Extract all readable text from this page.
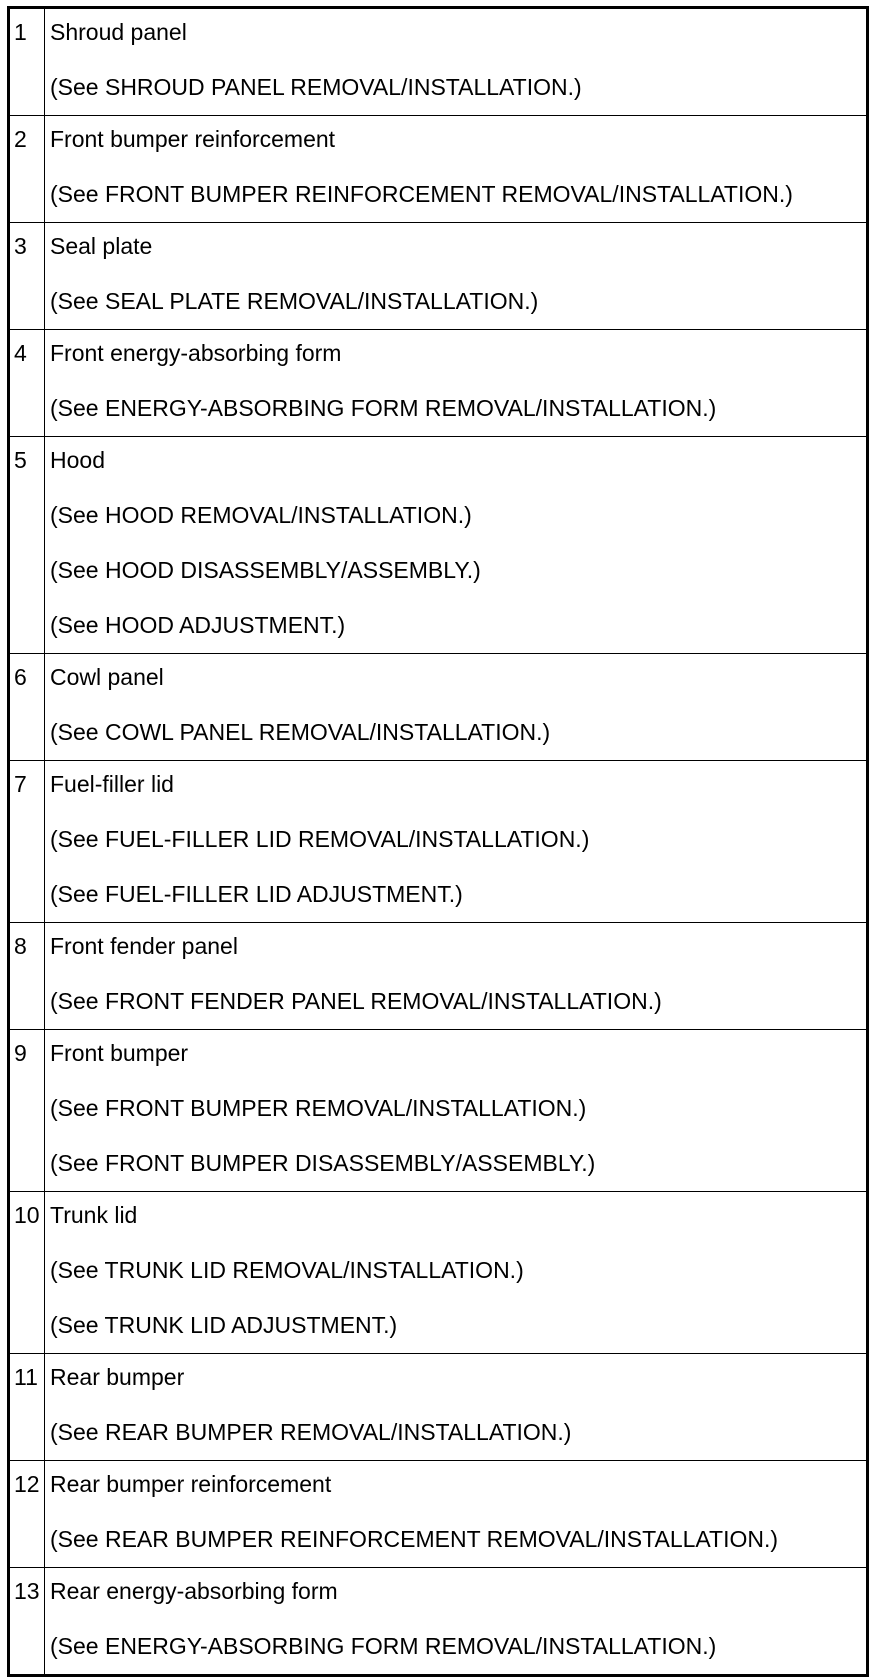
1	Shroud panel
(See SHROUD PANEL REMOVAL/INSTALLATION.)

2	Front bumper reinforcement
(See FRONT BUMPER REINFORCEMENT REMOVAL/INSTALLATION.)

3	Seal plate
(See SEAL PLATE REMOVAL/INSTALLATION.)

4	Front energy-absorbing form
(See ENERGY-ABSORBING FORM REMOVAL/INSTALLATION.)

5	Hood
(See HOOD REMOVAL/INSTALLATION.)
(See HOOD DISASSEMBLY/ASSEMBLY.)
(See HOOD ADJUSTMENT.)

6	Cowl panel
(See COWL PANEL REMOVAL/INSTALLATION.)

7	Fuel-filler lid
(See FUEL-FILLER LID REMOVAL/INSTALLATION.)
(See FUEL-FILLER LID ADJUSTMENT.)

8	Front fender panel
(See FRONT FENDER PANEL REMOVAL/INSTALLATION.)

9	Front bumper
(See FRONT BUMPER REMOVAL/INSTALLATION.)
(See FRONT BUMPER DISASSEMBLY/ASSEMBLY.)

10	Trunk lid
(See TRUNK LID REMOVAL/INSTALLATION.)
(See TRUNK LID ADJUSTMENT.)

11	Rear bumper
(See REAR BUMPER REMOVAL/INSTALLATION.)

12	Rear bumper reinforcement
(See REAR BUMPER REINFORCEMENT REMOVAL/INSTALLATION.)

13	Rear energy-absorbing form
(See ENERGY-ABSORBING FORM REMOVAL/INSTALLATION.)
